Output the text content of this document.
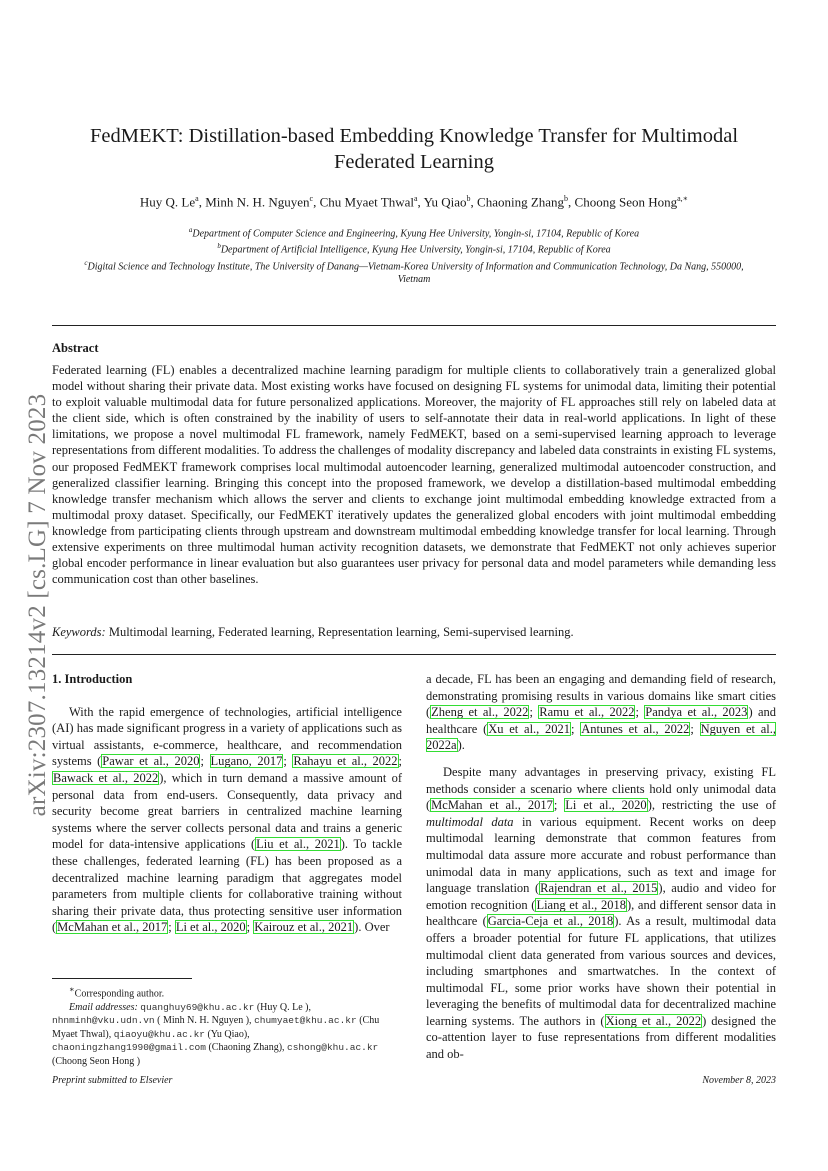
arXiv:2307.13214v2 [cs.LG] 7 Nov 2023
FedMEKT: Distillation-based Embedding Knowledge Transfer for Multimodal Federated Learning
Huy Q. Le$^a$, Minh N. H. Nguyen$^c$, Chu Myaet Thwal$^a$, Yu Qiao$^b$, Chaoning Zhang$^b$, Choong Seon Hong$^{a,∗}$
$^a$Department of Computer Science and Engineering, Kyung Hee University, Yongin-si, 17104, Republic of Korea
$^b$Department of Artificial Intelligence, Kyung Hee University, Yongin-si, 17104, Republic of Korea
$^c$Digital Science and Technology Institute, The University of Danang—Vietnam-Korea University of Information and Communication Technology, Da Nang, 550000, Vietnam
Abstract
Federated learning (FL) enables a decentralized machine learning paradigm for multiple clients to collaboratively train a generalized global model without sharing their private data. Most existing works have focused on designing FL systems for unimodal data, limiting their potential to exploit valuable multimodal data for future personalized applications. Moreover, the majority of FL approaches still rely on labeled data at the client side, which is often constrained by the inability of users to self-annotate their data in real-world applications. In light of these limitations, we propose a novel multimodal FL framework, namely FedMEKT, based on a semi-supervised learning approach to leverage representations from different modalities. To address the challenges of modality discrepancy and labeled data constraints in existing FL systems, our proposed FedMEKT framework comprises local multimodal autoencoder learning, generalized multimodal autoencoder construction, and generalized classifier learning. Bringing this concept into the proposed framework, we develop a distillation-based multimodal embedding knowledge transfer mechanism which allows the server and clients to exchange joint multimodal embedding knowledge extracted from a multimodal proxy dataset. Specifically, our FedMEKT iteratively updates the generalized global encoders with joint multimodal embedding knowledge from participating clients through upstream and downstream multimodal embedding knowledge transfer for local learning. Through extensive experiments on three multimodal human activity recognition datasets, we demonstrate that FedMEKT not only achieves superior global encoder performance in linear evaluation but also guarantees user privacy for personal data and model parameters while demanding less communication cost than other baselines.
Keywords: Multimodal learning, Federated learning, Representation learning, Semi-supervised learning.
1. Introduction

With the rapid emergence of technologies, artificial intelligence (AI) has made significant progress in a variety of applications such as virtual assistants, e-commerce, healthcare, and recommendation systems (Pawar et al., 2020; Lugano, 2017; Rahayu et al., 2022; Bawack et al., 2022), which in turn demand a massive amount of personal data from end-users. Consequently, data privacy and security become great barriers in centralized machine learning systems where the server collects personal data and trains a generic model for data-intensive applications (Liu et al., 2021). To tackle these challenges, federated learning (FL) has been proposed as a decentralized machine learning paradigm that aggregates model parameters from multiple clients for collaborative training without sharing their private data, thus protecting sensitive user information (McMahan et al., 2017; Li et al., 2020; Kairouz et al., 2021). Over

a decade, FL has been an engaging and demanding field of research, demonstrating promising results in various domains like smart cities (Zheng et al., 2022; Ramu et al., 2022; Pandya et al., 2023) and healthcare (Xu et al., 2021; Antunes et al., 2022; Nguyen et al., 2022a).

Despite many advantages in preserving privacy, existing FL methods consider a scenario where clients hold only unimodal data (McMahan et al., 2017; Li et al., 2020), restricting the use of multimodal data in various equipment. Recent works on deep multimodal learning demonstrate that common features from multimodal data assure more accurate and robust performance than unimodal data in many applications, such as text and image for language translation (Rajendran et al., 2015), audio and video for emotion recognition (Liang et al., 2018), and different sensor data in healthcare (Garcia-Ceja et al., 2018). As a result, multimodal data offers a broader potential for future FL applications, that utilizes multimodal client data generated from various sources and devices, including smartphones and smartwatches. In the context of multimodal FL, some prior works have shown their potential in leveraging the benefits of multimodal data for decentralized machine learning systems. The authors in (Xiong et al., 2022) designed the co-attention layer to fuse representations from different modalities and ob-

∗Corresponding author.
Email addresses: quanghuy69@khu.ac.kr (Huy Q. Le ), nhnminh@vku.udn.vn ( Minh N. H. Nguyen ), chumyaet@khu.ac.kr (Chu Myaet Thwal), qiaoyu@khu.ac.kr (Yu Qiao), chaoningzhang1990@gmail.com (Chaoning Zhang), cshong@khu.ac.kr (Choong Seon Hong )
Preprint submitted to Elsevier	November 8, 2023
